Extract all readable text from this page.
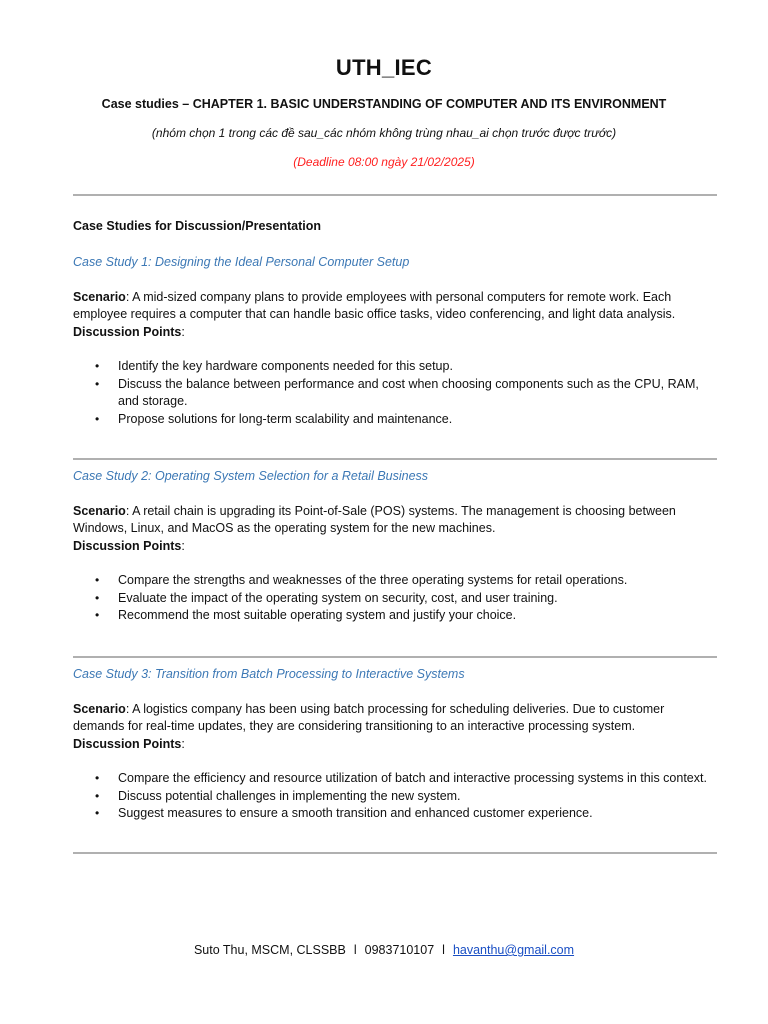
UTH_IEC
Case studies – CHAPTER 1. BASIC UNDERSTANDING OF COMPUTER AND ITS ENVIRONMENT
(nhóm chọn 1 trong các đề sau_các nhóm không trùng nhau_ai chọn trước được trước)
(Deadline 08:00 ngày 21/02/2025)
Case Studies for Discussion/Presentation
Case Study 1: Designing the Ideal Personal Computer Setup

Scenario: A mid-sized company plans to provide employees with personal computers for remote work. Each employee requires a computer that can handle basic office tasks, video conferencing, and light data analysis.

Discussion Points:

• Identify the key hardware components needed for this setup.
• Discuss the balance between performance and cost when choosing components such as the CPU, RAM, and storage.
• Propose solutions for long-term scalability and maintenance.
Case Study 2: Operating System Selection for a Retail Business

Scenario: A retail chain is upgrading its Point-of-Sale (POS) systems. The management is choosing between Windows, Linux, and MacOS as the operating system for the new machines.

Discussion Points:

• Compare the strengths and weaknesses of the three operating systems for retail operations.
• Evaluate the impact of the operating system on security, cost, and user training.
• Recommend the most suitable operating system and justify your choice.
Case Study 3: Transition from Batch Processing to Interactive Systems

Scenario: A logistics company has been using batch processing for scheduling deliveries. Due to customer demands for real-time updates, they are considering transitioning to an interactive processing system.

Discussion Points:

• Compare the efficiency and resource utilization of batch and interactive processing systems in this context.
• Discuss potential challenges in implementing the new system.
• Suggest measures to ensure a smooth transition and enhanced customer experience.
Suto Thu, MSCM, CLSSBB l 0983710107 l havanthu@gmail.com
